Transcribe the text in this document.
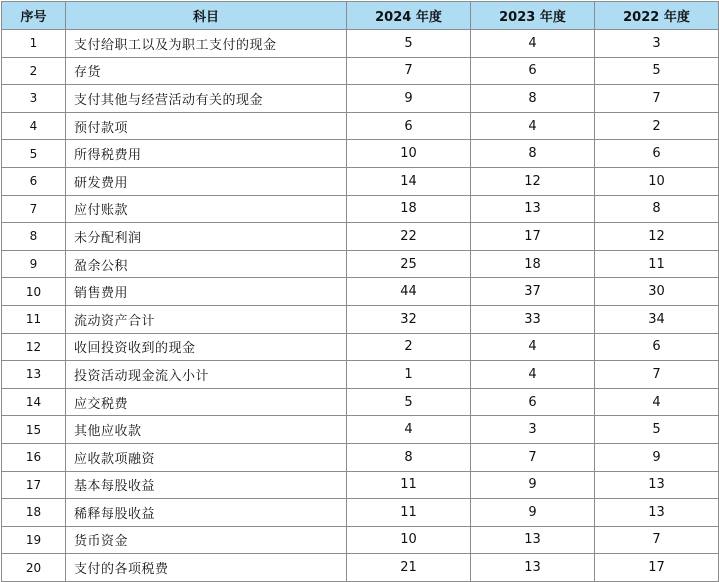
序号	科目	2024 年度	2023 年度	2022 年度
1	支付给职工以及为职工支付的现金	5	4	3
2	存货	7	6	5
3	支付其他与经营活动有关的现金	9	8	7
4	预付款项	6	4	2
5	所得税费用	10	8	6
6	研发费用	14	12	10
7	应付账款	18	13	8
8	未分配利润	22	17	12
9	盈余公积	25	18	11
10	销售费用	44	37	30
11	流动资产合计	32	33	34
12	收回投资收到的现金	2	4	6
13	投资活动现金流入小计	1	4	7
14	应交税费	5	6	4
15	其他应收款	4	3	5
16	应收款项融资	8	7	9
17	基本每股收益	11	9	13
18	稀释每股收益	11	9	13
19	货币资金	10	13	7
20	支付的各项税费	21	13	17
